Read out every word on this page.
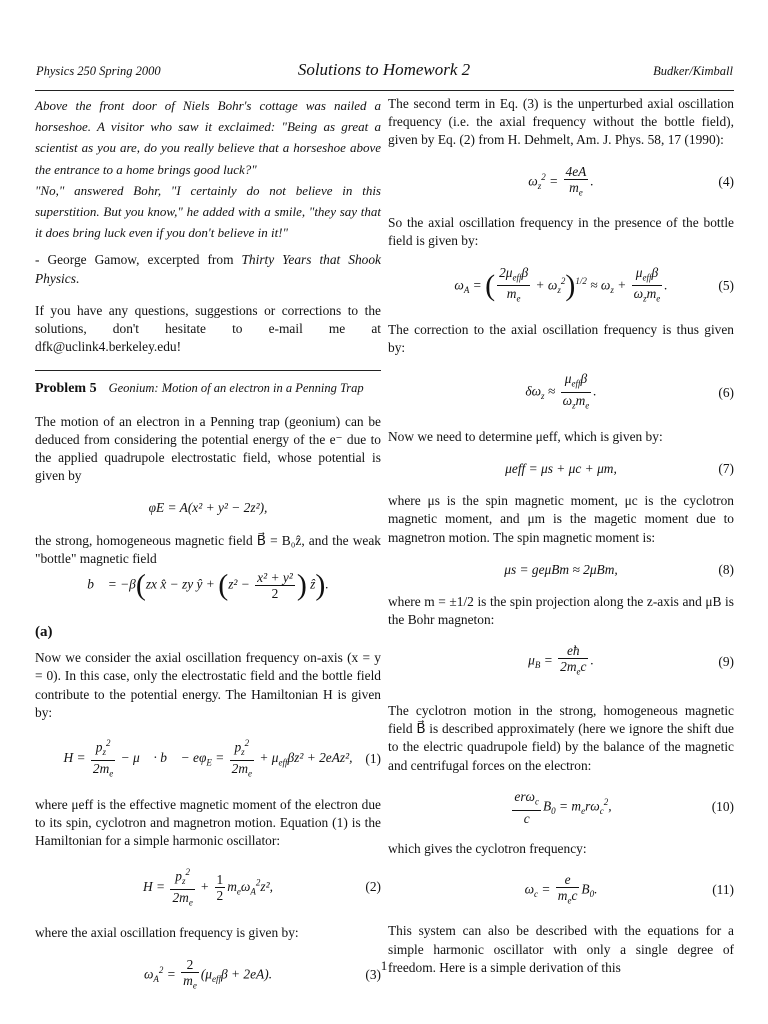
Physics 250 Spring 2000	Solutions to Homework 2	Budker/Kimball

Above the front door of Niels Bohr's cottage was nailed a horseshoe. A visitor who saw it exclaimed: "Being as great a scientist as you are, do you really believe that a horseshoe above the entrance to a home brings good luck?"

"No," answered Bohr, "I certainly do not believe in this superstition. But you know," he added with a smile, "they say that it does bring luck even if you don't believe in it!"

- George Gamow, excerpted from Thirty Years that Shook Physics.

If you have any questions, suggestions or corrections to the solutions, don't hesitate to e-mail me at dfk@uclink4.berkeley.edu!

Problem 5 Geonium: Motion of an electron in a Penning Trap

The motion of an electron in a Penning trap (geonium) can be deduced from considering the potential energy of the e⁻ due to the applied quadrupole electrostatic field, whose potential is given by

φE = A(x² + y² − 2z²),

the strong, homogeneous magnetic field B⃗ = B₀ẑ, and the weak "bottle" magnetic field

b⃗ = −β(zx x̂ − zy ŷ + ($z^2 - \frac{\text{x² + y²}}{2}$ ) ẑ).

(a)

Now we consider the axial oscillation frequency on-axis (x = y = 0). In this case, only the electrostatic field and the bottle field contribute to the potential energy. The Hamiltonian H is given by:

$H = \frac{p_z^2}{2m_e}$ − μ⃗ · b⃗ − $e\varphi_E = \frac{p_z^2}{2m_e} + \mu_{eff}\beta z^2 + 2eAz^2$, (1)

where μeff is the effective magnetic moment of the electron due to its spin, cyclotron and magnetron motion. Equation (1) is the Hamiltonian for a simple harmonic oscillator:

$H = \frac{p_z^2}{2m_e} + \frac{1}{2} m_e\omega_A^2z^2$,	(2)

where the axial oscillation frequency is given by:

$\omega_A^2 = \frac{2}{m_e} (\mu_{eff}\beta + 2eA)$.	(3)

The second term in Eq. (3) is the unperturbed axial oscillation frequency (i.e. the axial frequency without the bottle field), given by Eq. (2) from H. Dehmelt, Am. J. Phys. 58, 17 (1990):

$\omega_z^2 = \frac{4eA}{m_e}$ .	(4)

So the axial oscillation frequency in the presence of the bottle field is given by:

$\omega_A$ = ( $\frac{2\mu_{eff}\beta}{m_e} + \omega_z^2)^{1/2} \approx \omega_z + \frac{\mu_{eff}\beta}{\omega_zm_e}$ .	(5)

The correction to the axial oscillation frequency is thus given by:

$\delta\omega_z \approx \frac{\mu_{eff}\beta}{\omega_zm_e}$ .	(6)

Now we need to determine μeff, which is given by:

μeff = μs + μc + μm,	(7)

where μs is the spin magnetic moment, μc is the cyclotron magnetic moment, and μm is the magetic moment due to magnetron motion. The spin magnetic moment is:

μs = geμBm ≈ 2μBm,	(8)

where m = ±1/2 is the spin projection along the z-axis and μB is the Bohr magneton:

$\mu_B = \frac{eħ}{2m_ec}$ .	(9)

The cyclotron motion in the strong, homogeneous magnetic field B⃗ is described approximately (here we ignore the shift due to the electric quadrupole field) by the balance of the magnetic and centrifugal forces on the electron:

$\frac{er\omega_c}{c} B_0 = m_er\omega_c^2$,	(10)

which gives the cyclotron frequency:

$\omega_c = \frac{e}{m_ec} B_0$.	(11)

This system can also be described with the equations for a simple harmonic oscillator with only a single degree of freedom. Here is a simple derivation of this

1
